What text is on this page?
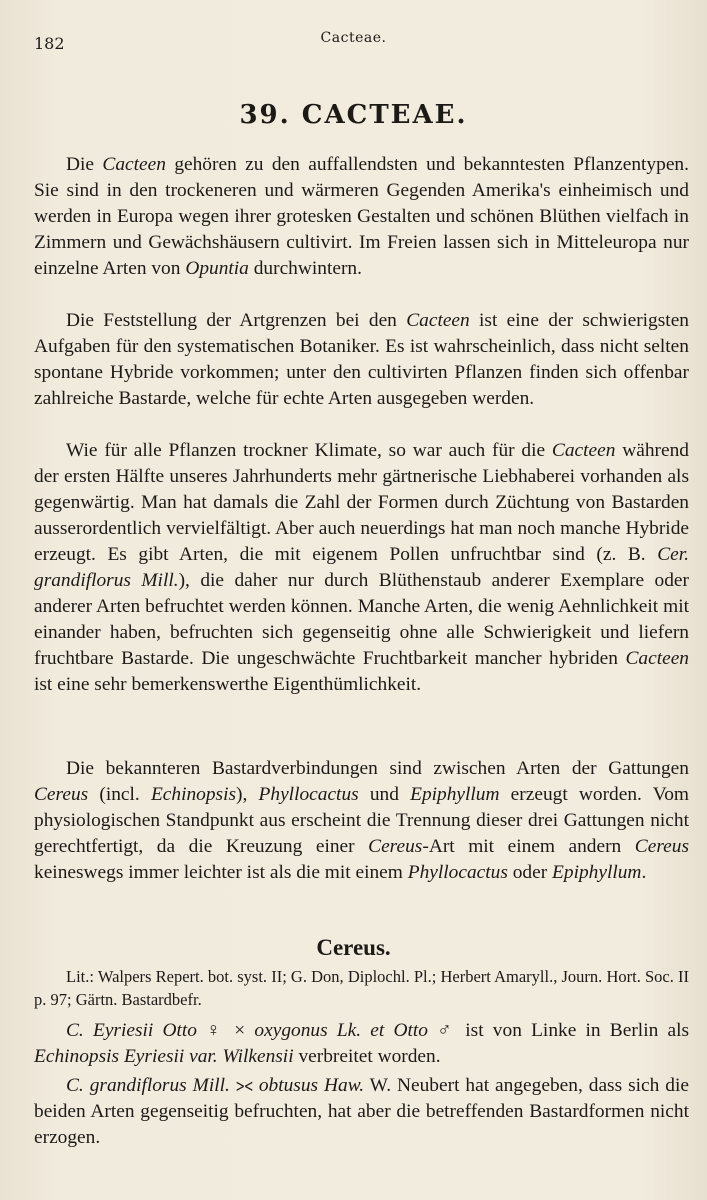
182	Cacteae.
39. CACTEAE.

Die Cacteen gehören zu den auffallendsten und bekanntesten Pflanzentypen. Sie sind in den trockeneren und wärmeren Gegenden Amerika's einheimisch und werden in Europa wegen ihrer grotesken Gestalten und schönen Blüthen vielfach in Zimmern und Gewächshäusern cultivirt. Im Freien lassen sich in Mitteleuropa nur einzelne Arten von Opuntia durchwintern.

Die Feststellung der Artgrenzen bei den Cacteen ist eine der schwierigsten Aufgaben für den systematischen Botaniker. Es ist wahrscheinlich, dass nicht selten spontane Hybride vorkommen; unter den cultivirten Pflanzen finden sich offenbar zahlreiche Bastarde, welche für echte Arten ausgegeben werden.

Wie für alle Pflanzen trockner Klimate, so war auch für die Cacteen während der ersten Hälfte unseres Jahrhunderts mehr gärtnerische Liebhaberei vorhanden als gegenwärtig. Man hat damals die Zahl der Formen durch Züchtung von Bastarden ausserordentlich vervielfältigt. Aber auch neuerdings hat man noch manche Hybride erzeugt. Es gibt Arten, die mit eigenem Pollen unfruchtbar sind (z. B. Cer. grandiflorus Mill.), die daher nur durch Blüthenstaub anderer Exemplare oder anderer Arten befruchtet werden können. Manche Arten, die wenig Aehnlichkeit mit einander haben, befruchten sich gegenseitig ohne alle Schwierigkeit und liefern fruchtbare Bastarde. Die ungeschwächte Fruchtbarkeit mancher hybriden Cacteen ist eine sehr bemerkenswerthe Eigenthümlichkeit.

Die bekannteren Bastardverbindungen sind zwischen Arten der Gattungen Cereus (incl. Echinopsis), Phyllocactus und Epiphyllum erzeugt worden. Vom physiologischen Standpunkt aus erscheint die Trennung dieser drei Gattungen nicht gerechtfertigt, da die Kreuzung einer Cereus-Art mit einem andern Cereus keineswegs immer leichter ist als die mit einem Phyllocactus oder Epiphyllum.

Cereus.
Lit.: Walpers Repert. bot. syst. II; G. Don, Diplochl. Pl.; Herbert Amaryll., Journ. Hort. Soc. II p. 97; Gärtn. Bastardbefr.
C. Eyriesii Otto ♀ × oxygonus Lk. et Otto ♂ ist von Linke in Berlin als Echinopsis Eyriesii var. Wilkensii verbreitet worden.
C. grandiflorus Mill. ⪥ obtusus Haw. W. Neubert hat angegeben, dass sich die beiden Arten gegenseitig befruchten, hat aber die betreffenden Bastardformen nicht erzogen.
